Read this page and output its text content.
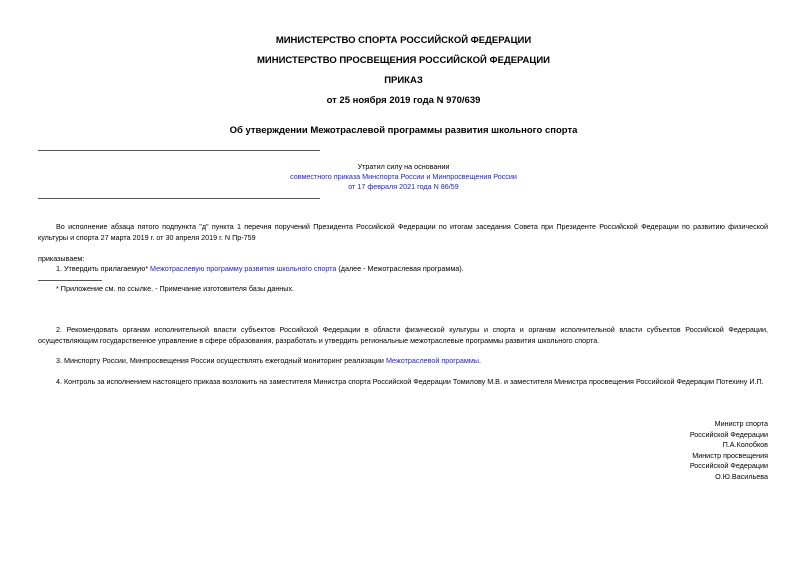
МИНИСТЕРСТВО СПОРТА РОССИЙСКОЙ ФЕДЕРАЦИИ
МИНИСТЕРСТВО ПРОСВЕЩЕНИЯ РОССИЙСКОЙ ФЕДЕРАЦИИ
ПРИКАЗ
от 25 ноября 2019 года N 970/639
Об утверждении Межотраслевой программы развития школьного спорта
Утратил силу на основании
совместного приказа Минспорта России и Минпросвещения России
от 17 февраля 2021 года N 86/59
Во исполнение абзаца пятого подпункта "д" пункта 1 перечня поручений Президента Российской Федерации по итогам заседания Совета при Президенте Российской Федерации по развитию физической культуры и спорта 27 марта 2019 г. от 30 апреля 2019 г. N Пр-759
приказываем:
1. Утвердить прилагаемую* Межотраслевую программу развития школьного спорта (далее - Межотраслевая программа).
* Приложение см. по ссылке. - Примечание изготовителя базы данных.
2. Рекомендовать органам исполнительной власти субъектов Российской Федерации в области физической культуры и спорта и органам исполнительной власти субъектов Российской Федерации, осуществляющим государственное управление в сфере образования, разработать и утвердить региональные межотраслевые программы развития школьного спорта.
3. Минспорту России, Минпросвещения России осуществлять ежегодный мониторинг реализации Межотраслевой программы.
4. Контроль за исполнением настоящего приказа возложить на заместителя Министра спорта Российской Федерации Томилову М.В. и заместителя Министра просвещения Российской Федерации Потехину И.П.
Министр спорта
Российской Федерации
П.А.Колобков
Министр просвещения
Российской Федерации
О.Ю.Васильева
